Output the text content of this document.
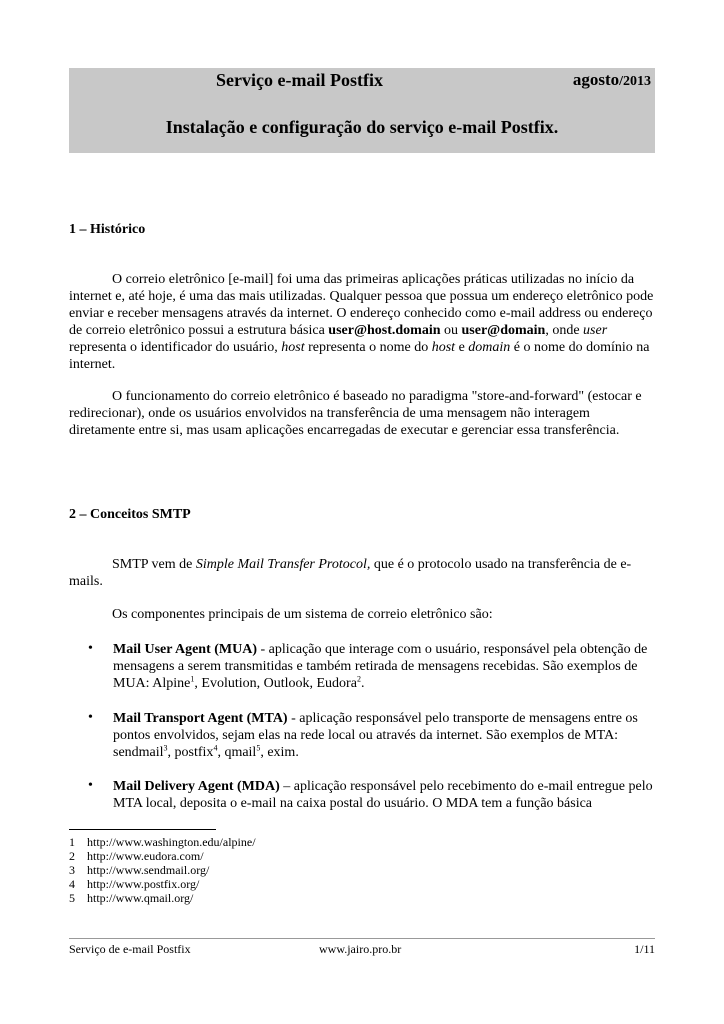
Serviço e-mail Postfix	agosto/2013
Instalação e configuração do serviço e-mail Postfix.
1 – Histórico
O correio eletrônico [e-mail] foi uma das primeiras aplicações práticas utilizadas no início da internet e, até hoje, é uma das mais utilizadas. Qualquer pessoa que possua um endereço eletrônico pode enviar e receber mensagens através da internet. O endereço conhecido como e-mail address ou endereço de correio eletrônico possui a estrutura básica user@host.domain ou user@domain, onde user representa o identificador do usuário, host representa o nome do host e domain é o nome do domínio na internet.
O funcionamento do correio eletrônico é baseado no paradigma "store-and-forward" (estocar e redirecionar), onde os usuários envolvidos na transferência de uma mensagem não interagem diretamente entre si, mas usam aplicações encarregadas de executar e gerenciar essa transferência.
2 – Conceitos SMTP
SMTP vem de Simple Mail Transfer Protocol, que é o protocolo usado na transferência de e-mails.
Os componentes principais de um sistema de correio eletrônico são:
• Mail User Agent (MUA) - aplicação que interage com o usuário, responsável pela obtenção de mensagens a serem transmitidas e também retirada de mensagens recebidas. São exemplos de MUA: Alpine$^1$, Evolution, Outlook, Eudora$^2$.
• Mail Transport Agent (MTA) - aplicação responsável pelo transporte de mensagens entre os pontos envolvidos, sejam elas na rede local ou através da internet. São exemplos de MTA: sendmail$^3$, postfix$^4$, qmail$^5$, exim.
• Mail Delivery Agent (MDA) – aplicação responsável pelo recebimento do e-mail entregue pelo MTA local, deposita o e-mail na caixa postal do usuário. O MDA tem a função básica
1 http://www.washington.edu/alpine/
2 http://www.eudora.com/
3 http://www.sendmail.org/
4 http://www.postfix.org/
5 http://www.qmail.org/
Serviço de e-mail Postfix	www.jairo.pro.br	1/11
